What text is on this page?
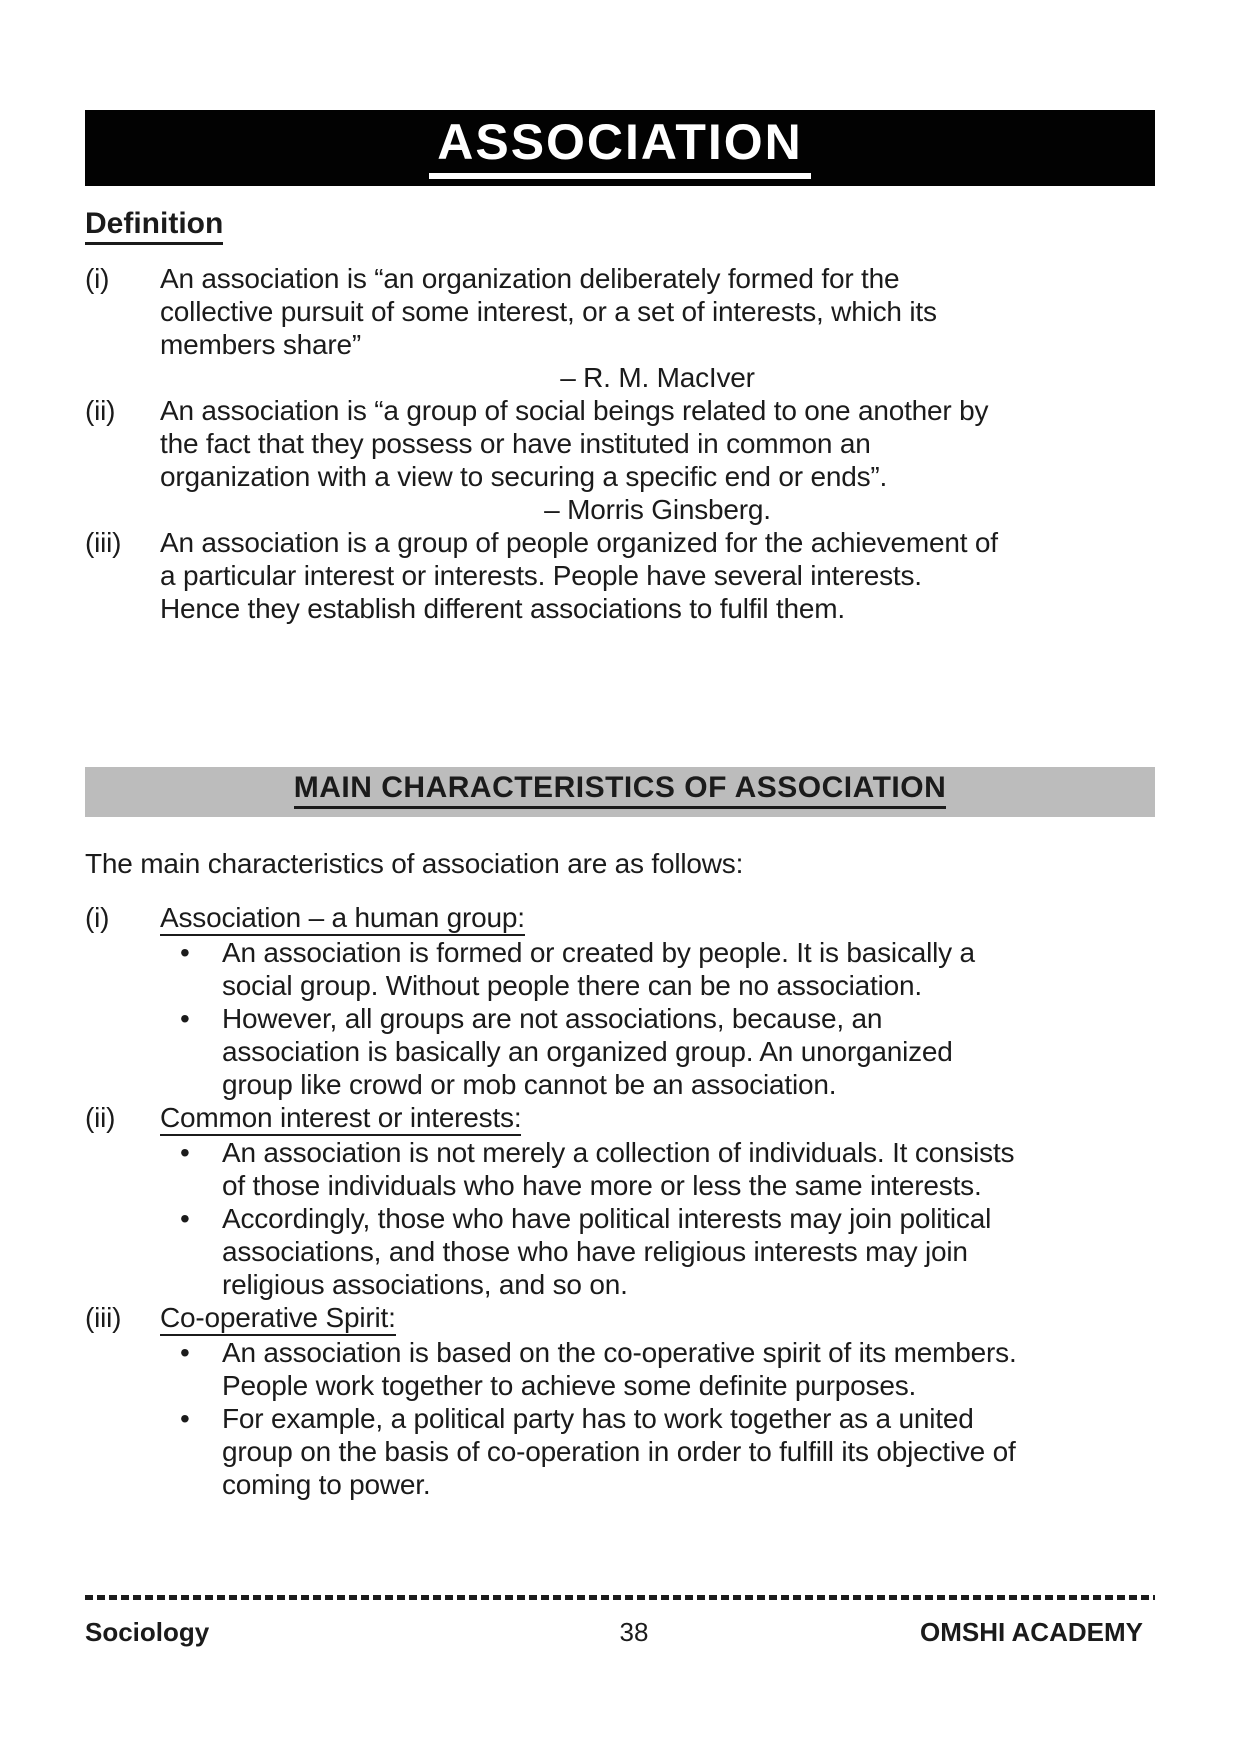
ASSOCIATION
Definition
(i)	An association is “an organization deliberately formed for the
collective pursuit of some interest, or a set of interests, which its
members share”
– R. M. MacIver
(ii)	An association is “a group of social beings related to one another by
the fact that they possess or have instituted in common an
organization with a view to securing a specific end or ends”.
– Morris Ginsberg.
(iii)	An association is a group of people organized for the achievement of
a particular interest or interests. People have several interests.
Hence they establish different associations to fulfil them.
MAIN CHARACTERISTICS OF ASSOCIATION
The main characteristics of association are as follows:
(i)	Association – a human group:
•	An association is formed or created by people. It is basically a
social group. Without people there can be no association.
•	However, all groups are not associations, because, an
association is basically an organized group. An unorganized
group like crowd or mob cannot be an association.
(ii)	Common interest or interests:
•	An association is not merely a collection of individuals. It consists
of those individuals who have more or less the same interests.
•	Accordingly, those who have political interests may join political
associations, and those who have religious interests may join
religious associations, and so on.
(iii)	Co-operative Spirit:
•	An association is based on the co-operative spirit of its members.
People work together to achieve some definite purposes.
•	For example, a political party has to work together as a united
group on the basis of co-operation in order to fulfill its objective of
coming to power.
Sociology	38	OMSHI ACADEMY
